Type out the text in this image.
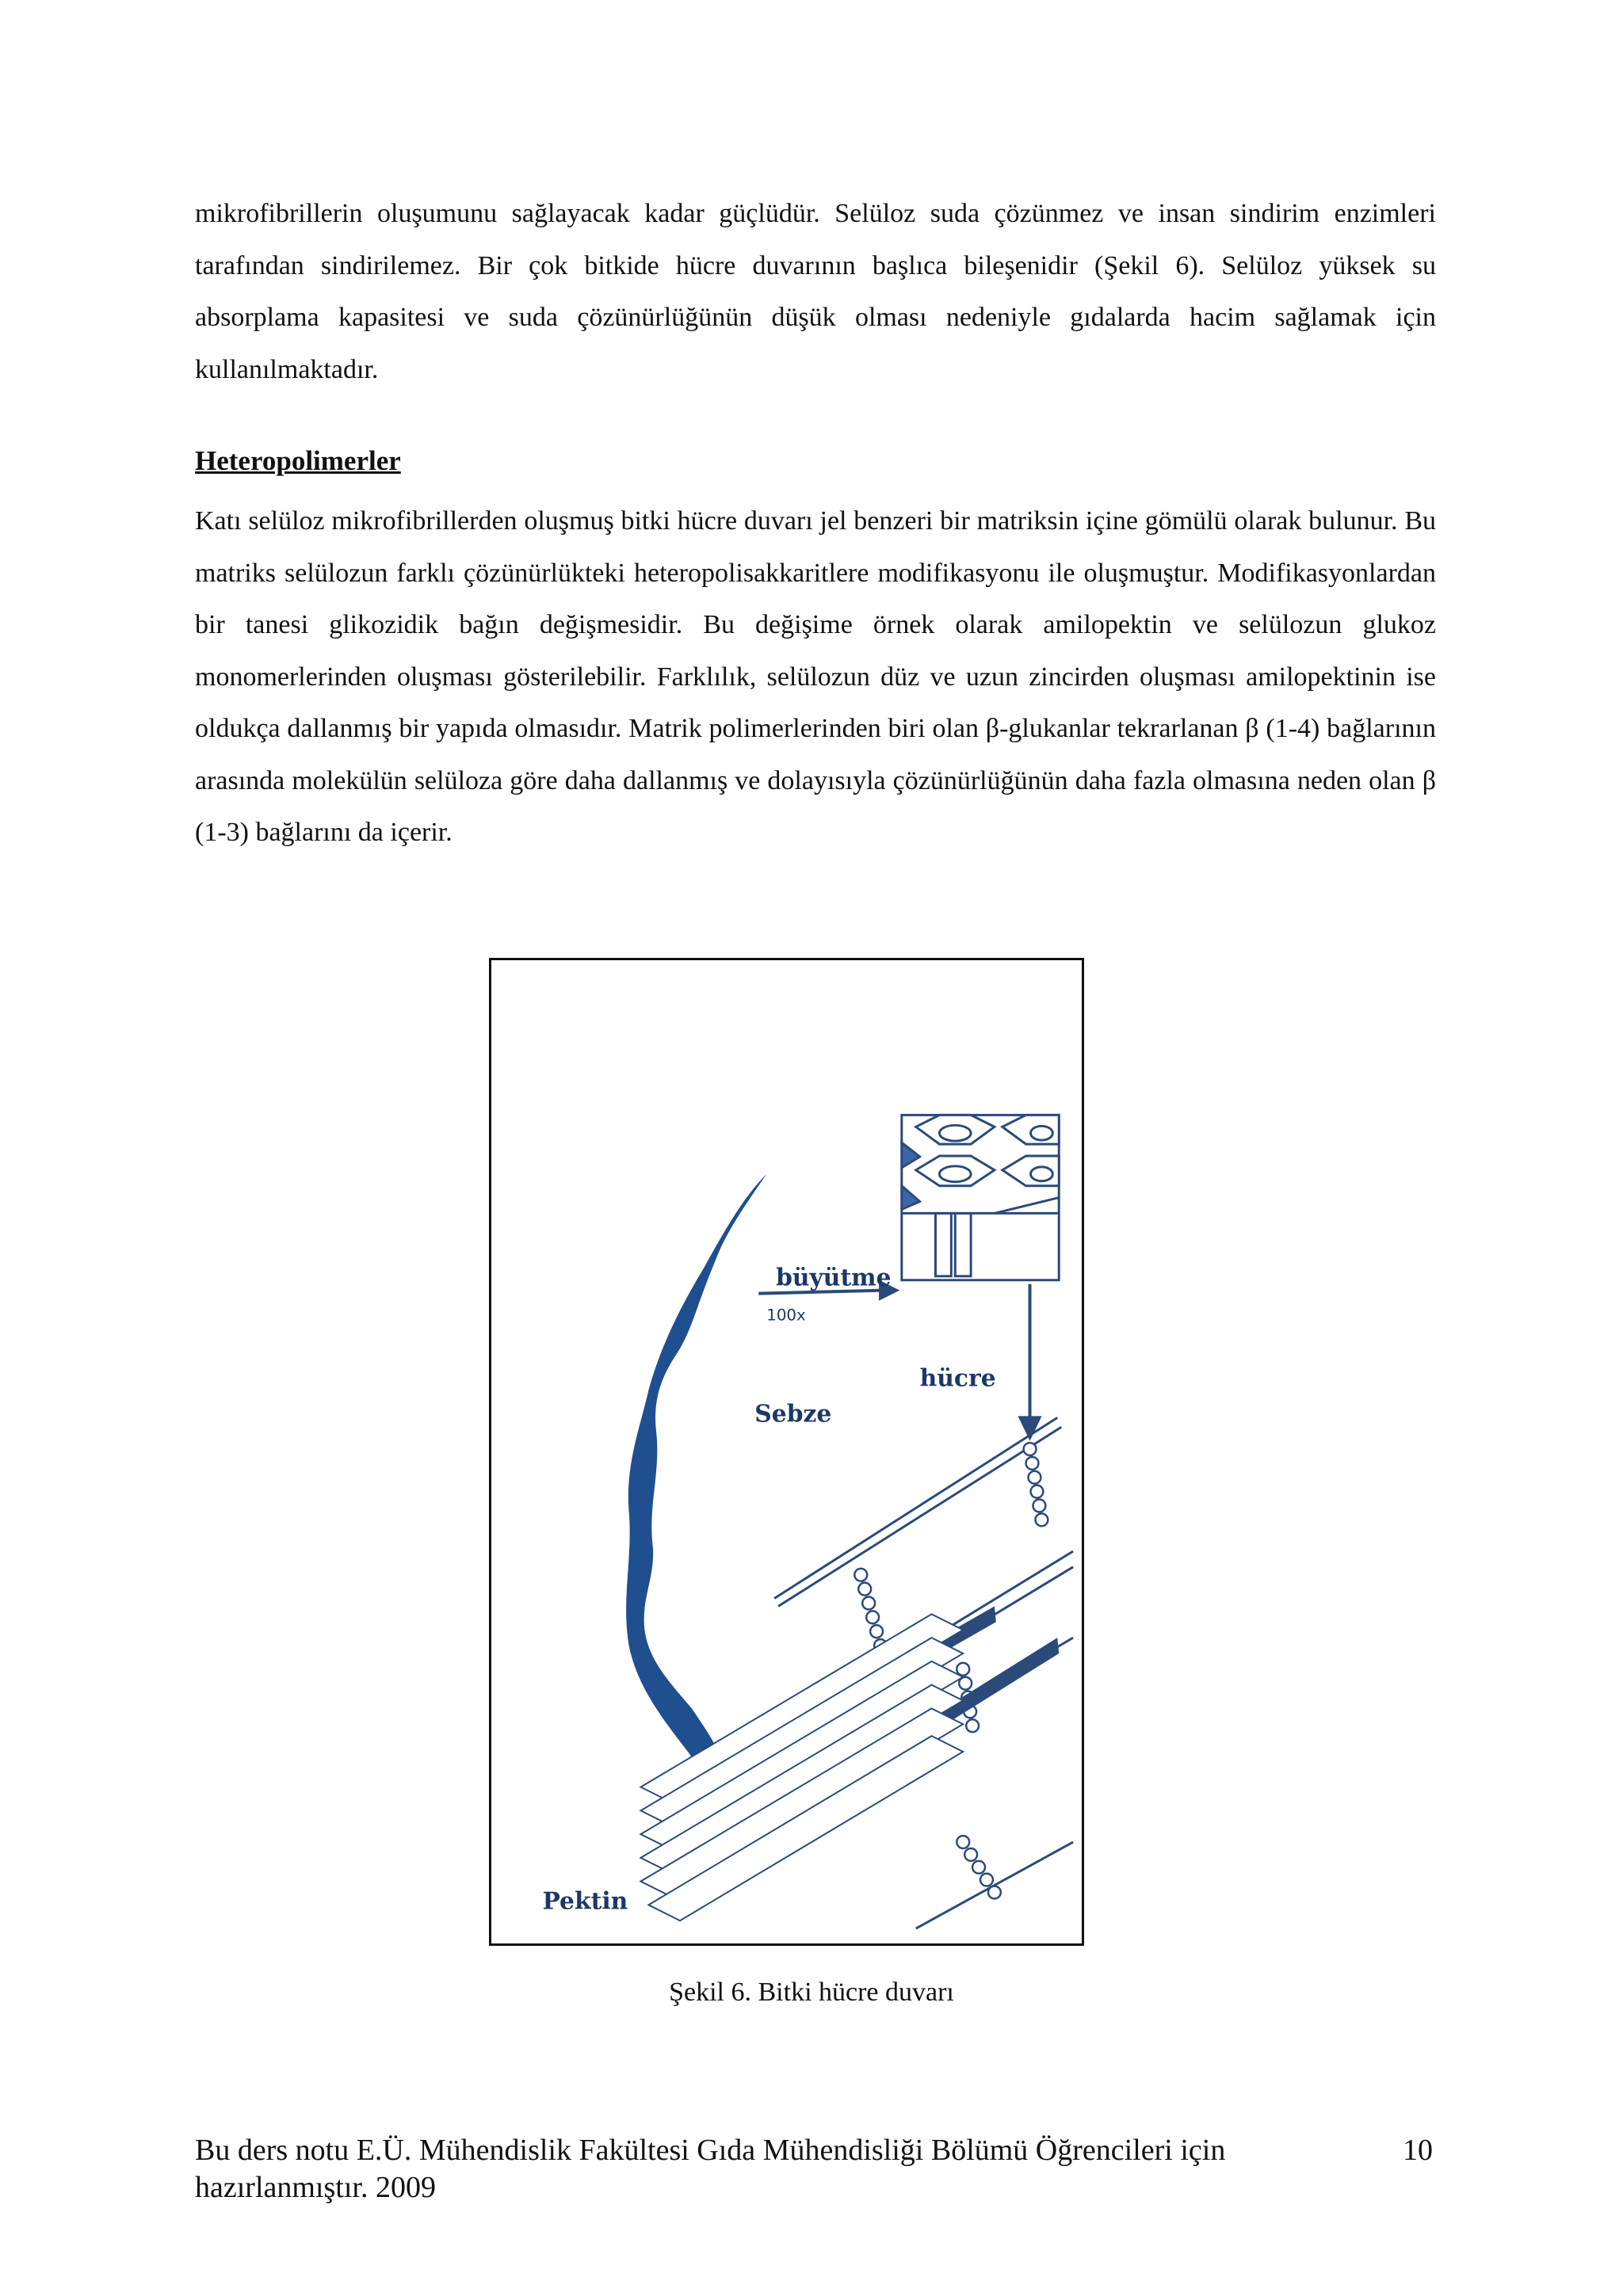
mikrofibrillerin oluşumunu sağlayacak kadar güçlüdür. Selüloz suda çözünmez ve insan sindirim enzimleri tarafından sindirilemez. Bir çok bitkide hücre duvarının başlıca bileşenidir (Şekil 6). Selüloz yüksek su absorplama kapasitesi ve suda çözünürlüğünün düşük olması nedeniyle gıdalarda hacim sağlamak için kullanılmaktadır.

Heteropolimerler

Katı selüloz mikrofibrillerden oluşmuş bitki hücre duvarı jel benzeri bir matriksin içine gömülü olarak bulunur. Bu matriks selülozun farklı çözünürlükteki heteropolisakkaritlere modifikasyonu ile oluşmuştur. Modifikasyonlardan bir tanesi glikozidik bağın değişmesidir. Bu değişime örnek olarak amilopektin ve selülozun glukoz monomerlerinden oluşması gösterilebilir. Farklılık, selülozun düz ve uzun zincirden oluşması amilopektinin ise oldukça dallanmış bir yapıda olmasıdır. Matrik polimerlerinden biri olan β-glukanlar tekrarlanan β (1-4) bağlarının arasında molekülün selüloza göre daha dallanmış ve dolayısıyla çözünürlüğünün daha fazla olmasına neden olan β (1-3) bağlarını da içerir.

büyütme
100x
hücre
Sebze
Pektin

Şekil 6. Bitki hücre duvarı

Bu ders notu E.Ü. Mühendislik Fakültesi Gıda Mühendisliği Bölümü Öğrencileri için hazırlanmıştır. 2009

10
